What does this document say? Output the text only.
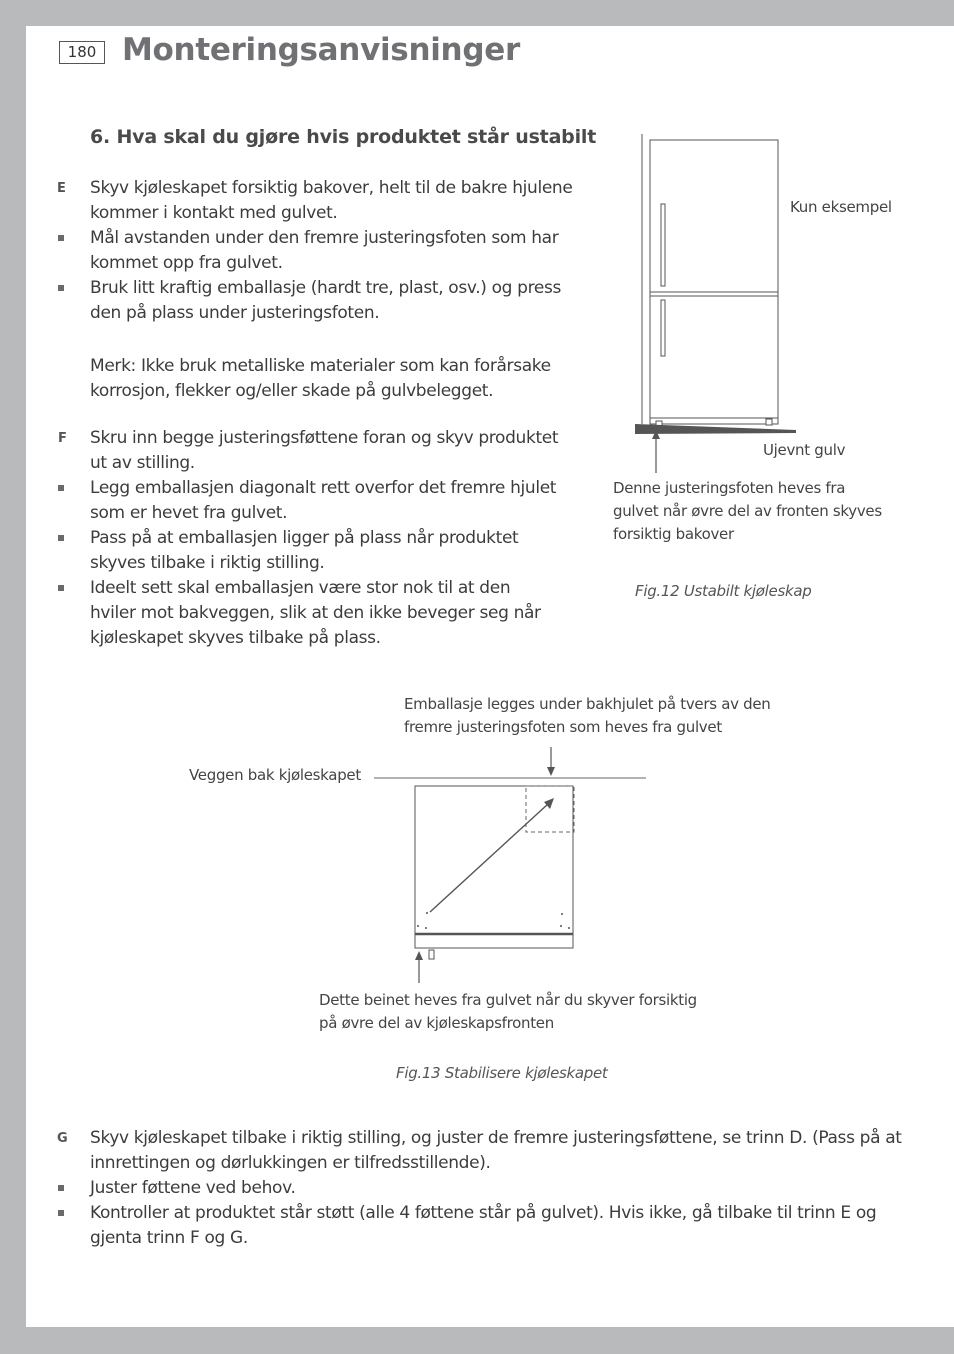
180 Monteringsanvisninger
6. Hva skal du gjøre hvis produktet står ustabilt
E Skyv kjøleskapet forsiktig bakover, helt til de bakre hjulene
kommer i kontakt med gulvet.
Mål avstanden under den fremre justeringsfoten som har
kommet opp fra gulvet.
Bruk litt kraftig emballasje (hardt tre, plast, osv.) og press
den på plass under justeringsfoten.
Merk: Ikke bruk metalliske materialer som kan forårsake
korrosjon, flekker og/eller skade på gulvbelegget.
F Skru inn begge justeringsføttene foran og skyv produktet
ut av stilling.
Legg emballasjen diagonalt rett overfor det fremre hjulet
som er hevet fra gulvet.
Pass på at emballasjen ligger på plass når produktet
skyves tilbake i riktig stilling.
Ideelt sett skal emballasjen være stor nok til at den
hviler mot bakveggen, slik at den ikke beveger seg når
kjøleskapet skyves tilbake på plass.
Kun eksempel
Ujevnt gulv
Denne justeringsfoten heves fra
gulvet når øvre del av fronten skyves
forsiktig bakover
Fig.12 Ustabilt kjøleskap
Emballasje legges under bakhjulet på tvers av den
fremre justeringsfoten som heves fra gulvet
Veggen bak kjøleskapet
Dette beinet heves fra gulvet når du skyver forsiktig
på øvre del av kjøleskapsfronten
Fig.13 Stabilisere kjøleskapet
G Skyv kjøleskapet tilbake i riktig stilling, og juster de fremre justeringsføttene, se trinn D. (Pass på at
innrettingen og dørlukkingen er tilfredsstillende).
Juster føttene ved behov.
Kontroller at produktet står støtt (alle 4 føttene står på gulvet). Hvis ikke, gå tilbake til trinn E og
gjenta trinn F og G.
